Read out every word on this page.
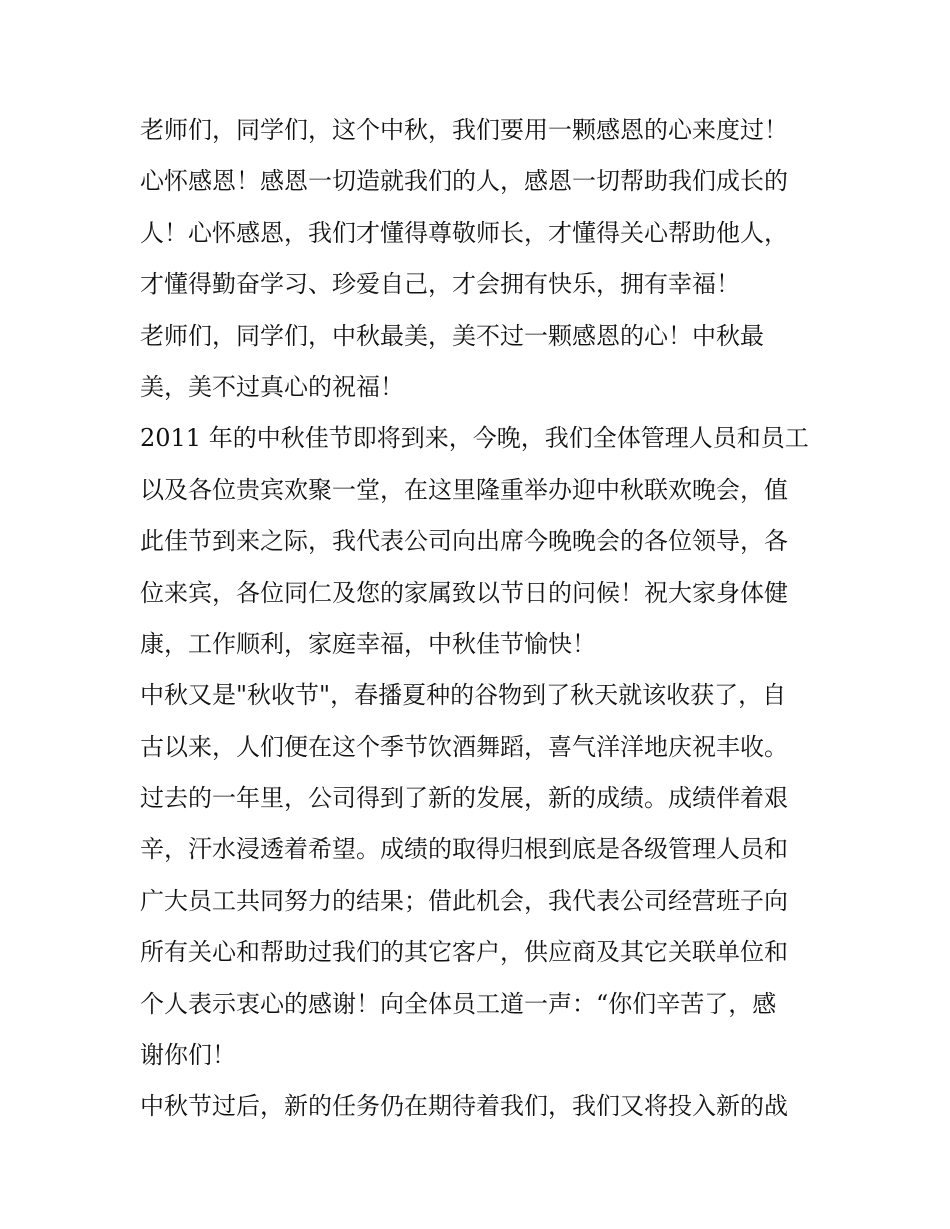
老师们，同学们，这个中秋，我们要用一颗感恩的心来度过！
心怀感恩！感恩一切造就我们的人，感恩一切帮助我们成长的
人！心怀感恩，我们才懂得尊敬师长，才懂得关心帮助他人，
才懂得勤奋学习、珍爱自己，才会拥有快乐，拥有幸福！
老师们，同学们，中秋最美，美不过一颗感恩的心！中秋最
美，美不过真心的祝福！
2011 年的中秋佳节即将到来，今晚，我们全体管理人员和员工
以及各位贵宾欢聚一堂，在这里隆重举办迎中秋联欢晚会，值
此佳节到来之际，我代表公司向出席今晚晚会的各位领导，各
位来宾，各位同仁及您的家属致以节日的问候！祝大家身体健
康，工作顺利，家庭幸福，中秋佳节愉快！
中秋又是"秋收节"，春播夏种的谷物到了秋天就该收获了，自
古以来，人们便在这个季节饮酒舞蹈，喜气洋洋地庆祝丰收。
过去的一年里，公司得到了新的发展，新的成绩。成绩伴着艰
辛，汗水浸透着希望。成绩的取得归根到底是各级管理人员和
广大员工共同努力的结果；借此机会，我代表公司经营班子向
所有关心和帮助过我们的其它客户，供应商及其它关联单位和
个人表示衷心的感谢！向全体员工道一声：“你们辛苦了，感
谢你们！
中秋节过后，新的任务仍在期待着我们，我们又将投入新的战
